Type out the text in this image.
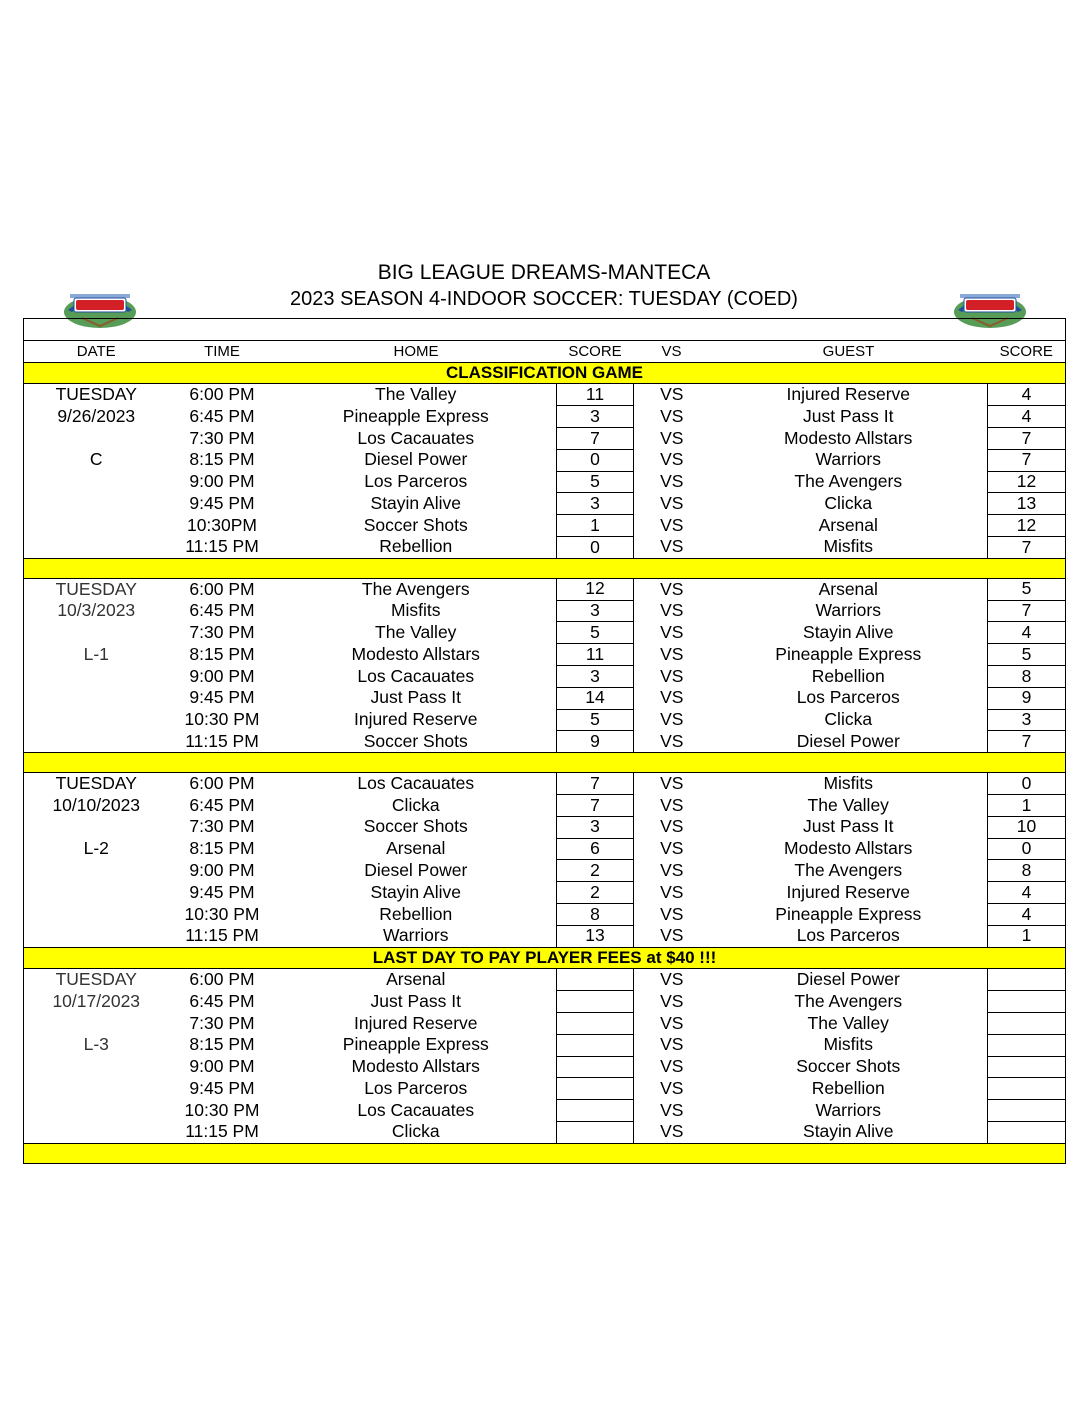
BIG LEAGUE DREAMS-MANTECA
2023 SEASON 4-INDOOR SOCCER: TUESDAY (COED)

DATE	TIME	HOME	SCORE	VS	GUEST	SCORE
CLASSIFICATION GAME						
TUESDAY	6:00 PM	The Valley	11	VS	Injured Reserve	4
9/26/2023	6:45 PM	Pineapple Express	3	VS	Just Pass It	4
	7:30 PM	Los Cacauates	7	VS	Modesto Allstars	7
C	8:15 PM	Diesel Power	0	VS	Warriors	7
	9:00 PM	Los Parceros	5	VS	The Avengers	12
	9:45 PM	Stayin Alive	3	VS	Clicka	13
	10:30PM	Soccer Shots	1	VS	Arsenal	12
	11:15 PM	Rebellion	0	VS	Misfits	7

TUESDAY	6:00 PM	The Avengers	12	VS	Arsenal	5
10/3/2023	6:45 PM	Misfits	3	VS	Warriors	7
	7:30 PM	The Valley	5	VS	Stayin Alive	4
L-1	8:15 PM	Modesto Allstars	11	VS	Pineapple Express	5
	9:00 PM	Los Cacauates	3	VS	Rebellion	8
	9:45 PM	Just Pass It	14	VS	Los Parceros	9
	10:30 PM	Injured Reserve	5	VS	Clicka	3
	11:15 PM	Soccer Shots	9	VS	Diesel Power	7

TUESDAY	6:00 PM	Los Cacauates	7	VS	Misfits	0
10/10/2023	6:45 PM	Clicka	7	VS	The Valley	1
	7:30 PM	Soccer Shots	3	VS	Just Pass It	10
L-2	8:15 PM	Arsenal	6	VS	Modesto Allstars	0
	9:00 PM	Diesel Power	2	VS	The Avengers	8
	9:45 PM	Stayin Alive	2	VS	Injured Reserve	4
	10:30 PM	Rebellion	8	VS	Pineapple Express	4
	11:15 PM	Warriors	13	VS	Los Parceros	1
LAST DAY TO PAY PLAYER FEES at $40 !!!						
TUESDAY	6:00 PM	Arsenal		VS	Diesel Power	
10/17/2023	6:45 PM	Just Pass It		VS	The Avengers	
	7:30 PM	Injured Reserve		VS	The Valley	
L-3	8:15 PM	Pineapple Express		VS	Misfits	
	9:00 PM	Modesto Allstars		VS	Soccer Shots	
	9:45 PM	Los Parceros		VS	Rebellion	
	10:30 PM	Los Cacauates		VS	Warriors	
	11:15 PM	Clicka		VS	Stayin Alive	
